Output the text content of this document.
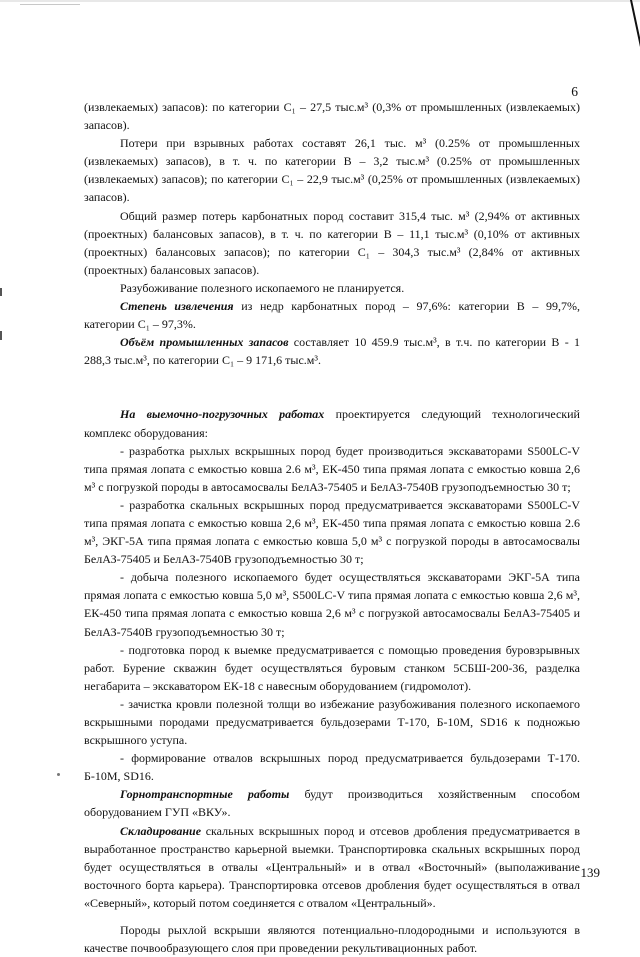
6

(извлекаемых) запасов): по категории С₁ – 27,5 тыс.м³ (0,3% от промышленных (извлекаемых) запасов).

Потери при взрывных работах составят 26,1 тыс. м³ (0.25% от промышленных (извлекаемых) запасов), в т. ч. по категории В – 3,2 тыс.м³ (0.25% от промышленных (извлекаемых) запасов); по категории С₁ – 22,9 тыс.м³ (0,25% от промышленных (извлекаемых) запасов).

Общий размер потерь карбонатных пород составит 315,4 тыс. м³ (2,94% от активных (проектных) балансовых запасов), в т. ч. по категории В – 11,1 тыс.м³ (0,10% от активных (проектных) балансовых запасов); по категории С₁ – 304,3 тыс.м³ (2,84% от активных (проектных) балансовых запасов).

Разубоживание полезного ископаемого не планируется.

Степень извлечения из недр карбонатных пород – 97,6%: категории В – 99,7%, категории С₁ – 97,3%.

Объём промышленных запасов составляет 10 459.9 тыс.м³, в т.ч. по категории В - 1 288,3 тыс.м³, по категории С₁ – 9 171,6 тыс.м³.

На выемочно-погрузочных работах проектируется следующий технологический комплекс оборудования:

- разработка рыхлых вскрышных пород будет производиться экскаваторами S500LC-V типа прямая лопата с емкостью ковша 2.6 м³, ЕК-450 типа прямая лопата с емкостью ковша 2,6 м³ с погрузкой породы в автосамосвалы БелАЗ-75405 и БелАЗ-7540В грузоподъемностью 30 т;

- разработка скальных вскрышных пород предусматривается экскаваторами S500LC-V типа прямая лопата с емкостью ковша 2,6 м³, ЕК-450 типа прямая лопата с емкостью ковша 2.6 м³, ЭКГ-5А типа прямая лопата с емкостью ковша 5,0 м³ с погрузкой породы в автосамосвалы БелАЗ-75405 и БелАЗ-7540В грузоподъемностью 30 т;

- добыча полезного ископаемого будет осуществляться экскаваторами ЭКГ-5А типа прямая лопата с емкостью ковша 5,0 м³, S500LC-V типа прямая лопата с емкостью ковша 2,6 м³, ЕК-450 типа прямая лопата с емкостью ковша 2,6 м³ с погрузкой автосамосвалы БелАЗ-75405 и БелАЗ-7540В грузоподъемностью 30 т;

- подготовка пород к выемке предусматривается с помощью проведения буровзрывных работ. Бурение скважин будет осуществляться буровым станком 5СБШ-200-36, разделка негабарита – экскаватором ЕК-18 с навесным оборудованием (гидромолот).

- зачистка кровли полезной толщи во избежание разубоживания полезного ископаемого вскрышными породами предусматривается бульдозерами Т-170, Б-10М, SD16 к подножью вскрышного уступа.

- формирование отвалов вскрышных пород предусматривается бульдозерами Т-170. Б-10М, SD16.

Горнотранспортные работы будут производиться хозяйственным способом оборудованием ГУП «ВКУ».

Складирование скальных вскрышных пород и отсевов дробления предусматривается в выработанное пространство карьерной выемки. Транспортировка скальных вскрышных пород будет осуществляться в отвалы «Центральный» и в отвал «Восточный» (выполаживание восточного борта карьера). Транспортировка отсевов дробления будет осуществляться в отвал «Северный», который потом соединяется с отвалом «Центральный».

Породы рыхлой вскрыши являются потенциально-плодородными и используются в качестве почвообразующего слоя при проведении рекультивационных работ.

139
